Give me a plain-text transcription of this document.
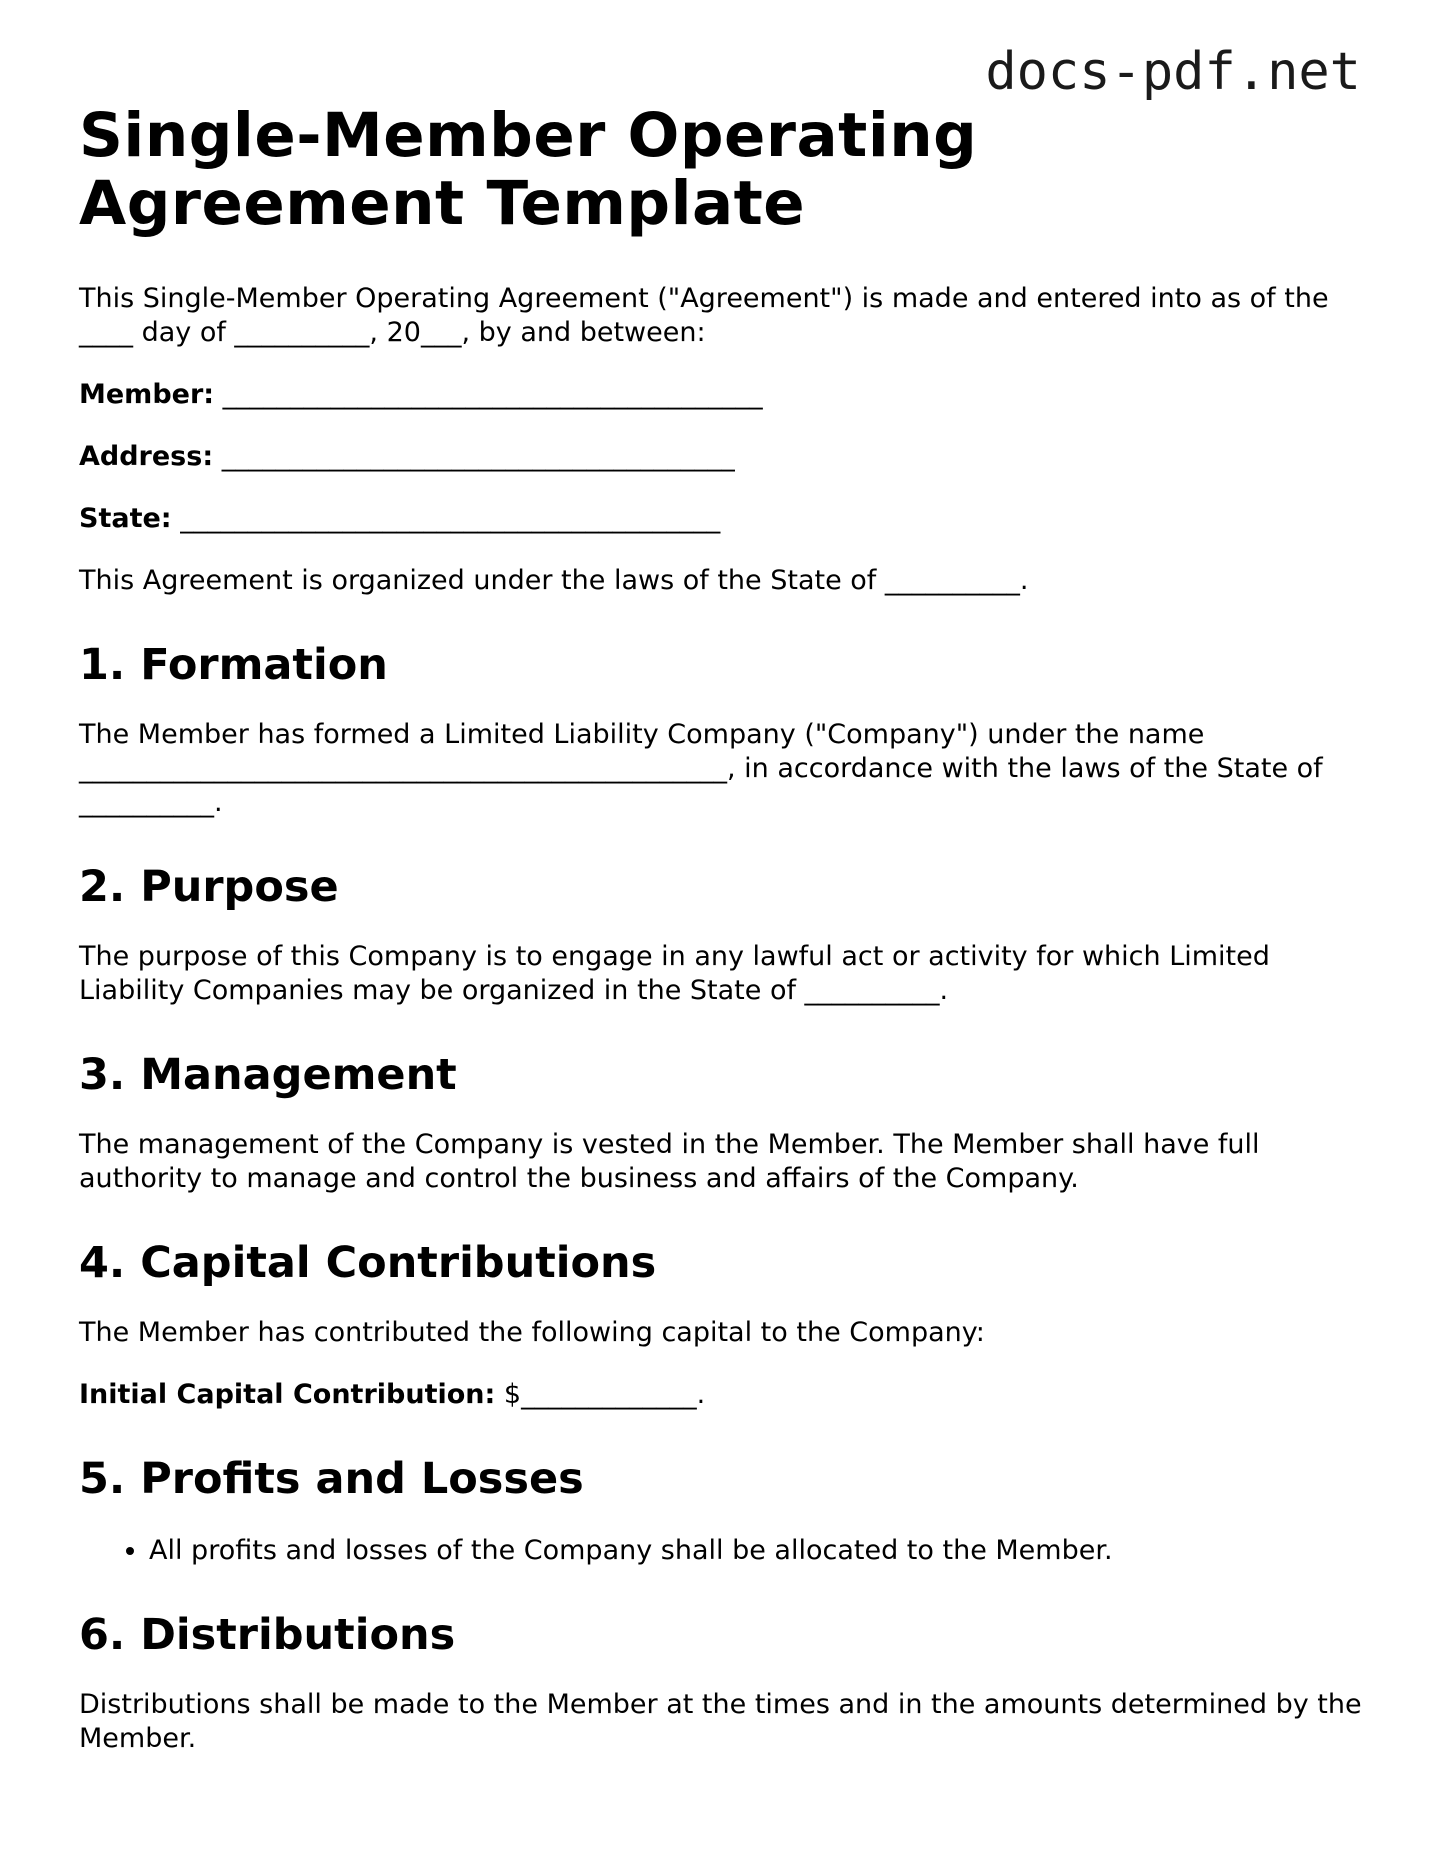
docs-pdf.net
Single-Member Operating Agreement Template

This Single-Member Operating Agreement ("Agreement") is made and entered into as of the ____ day of __________, 20___, by and between:

Member: ________________________________________
Address: ______________________________________
State: ________________________________________

This Agreement is organized under the laws of the State of __________.

1. Formation

The Member has formed a Limited Liability Company ("Company") under the name ________________________________________________, in accordance with the laws of the State of __________.

2. Purpose

The purpose of this Company is to engage in any lawful act or activity for which Limited Liability Companies may be organized in the State of __________.

3. Management

The management of the Company is vested in the Member. The Member shall have full authority to manage and control the business and affairs of the Company.

4. Capital Contributions

The Member has contributed the following capital to the Company:

Initial Capital Contribution: $_____________.
5. Profits and Losses
• All profits and losses of the Company shall be allocated to the Member.
6. Distributions

Distributions shall be made to the Member at the times and in the amounts determined by the Member.
